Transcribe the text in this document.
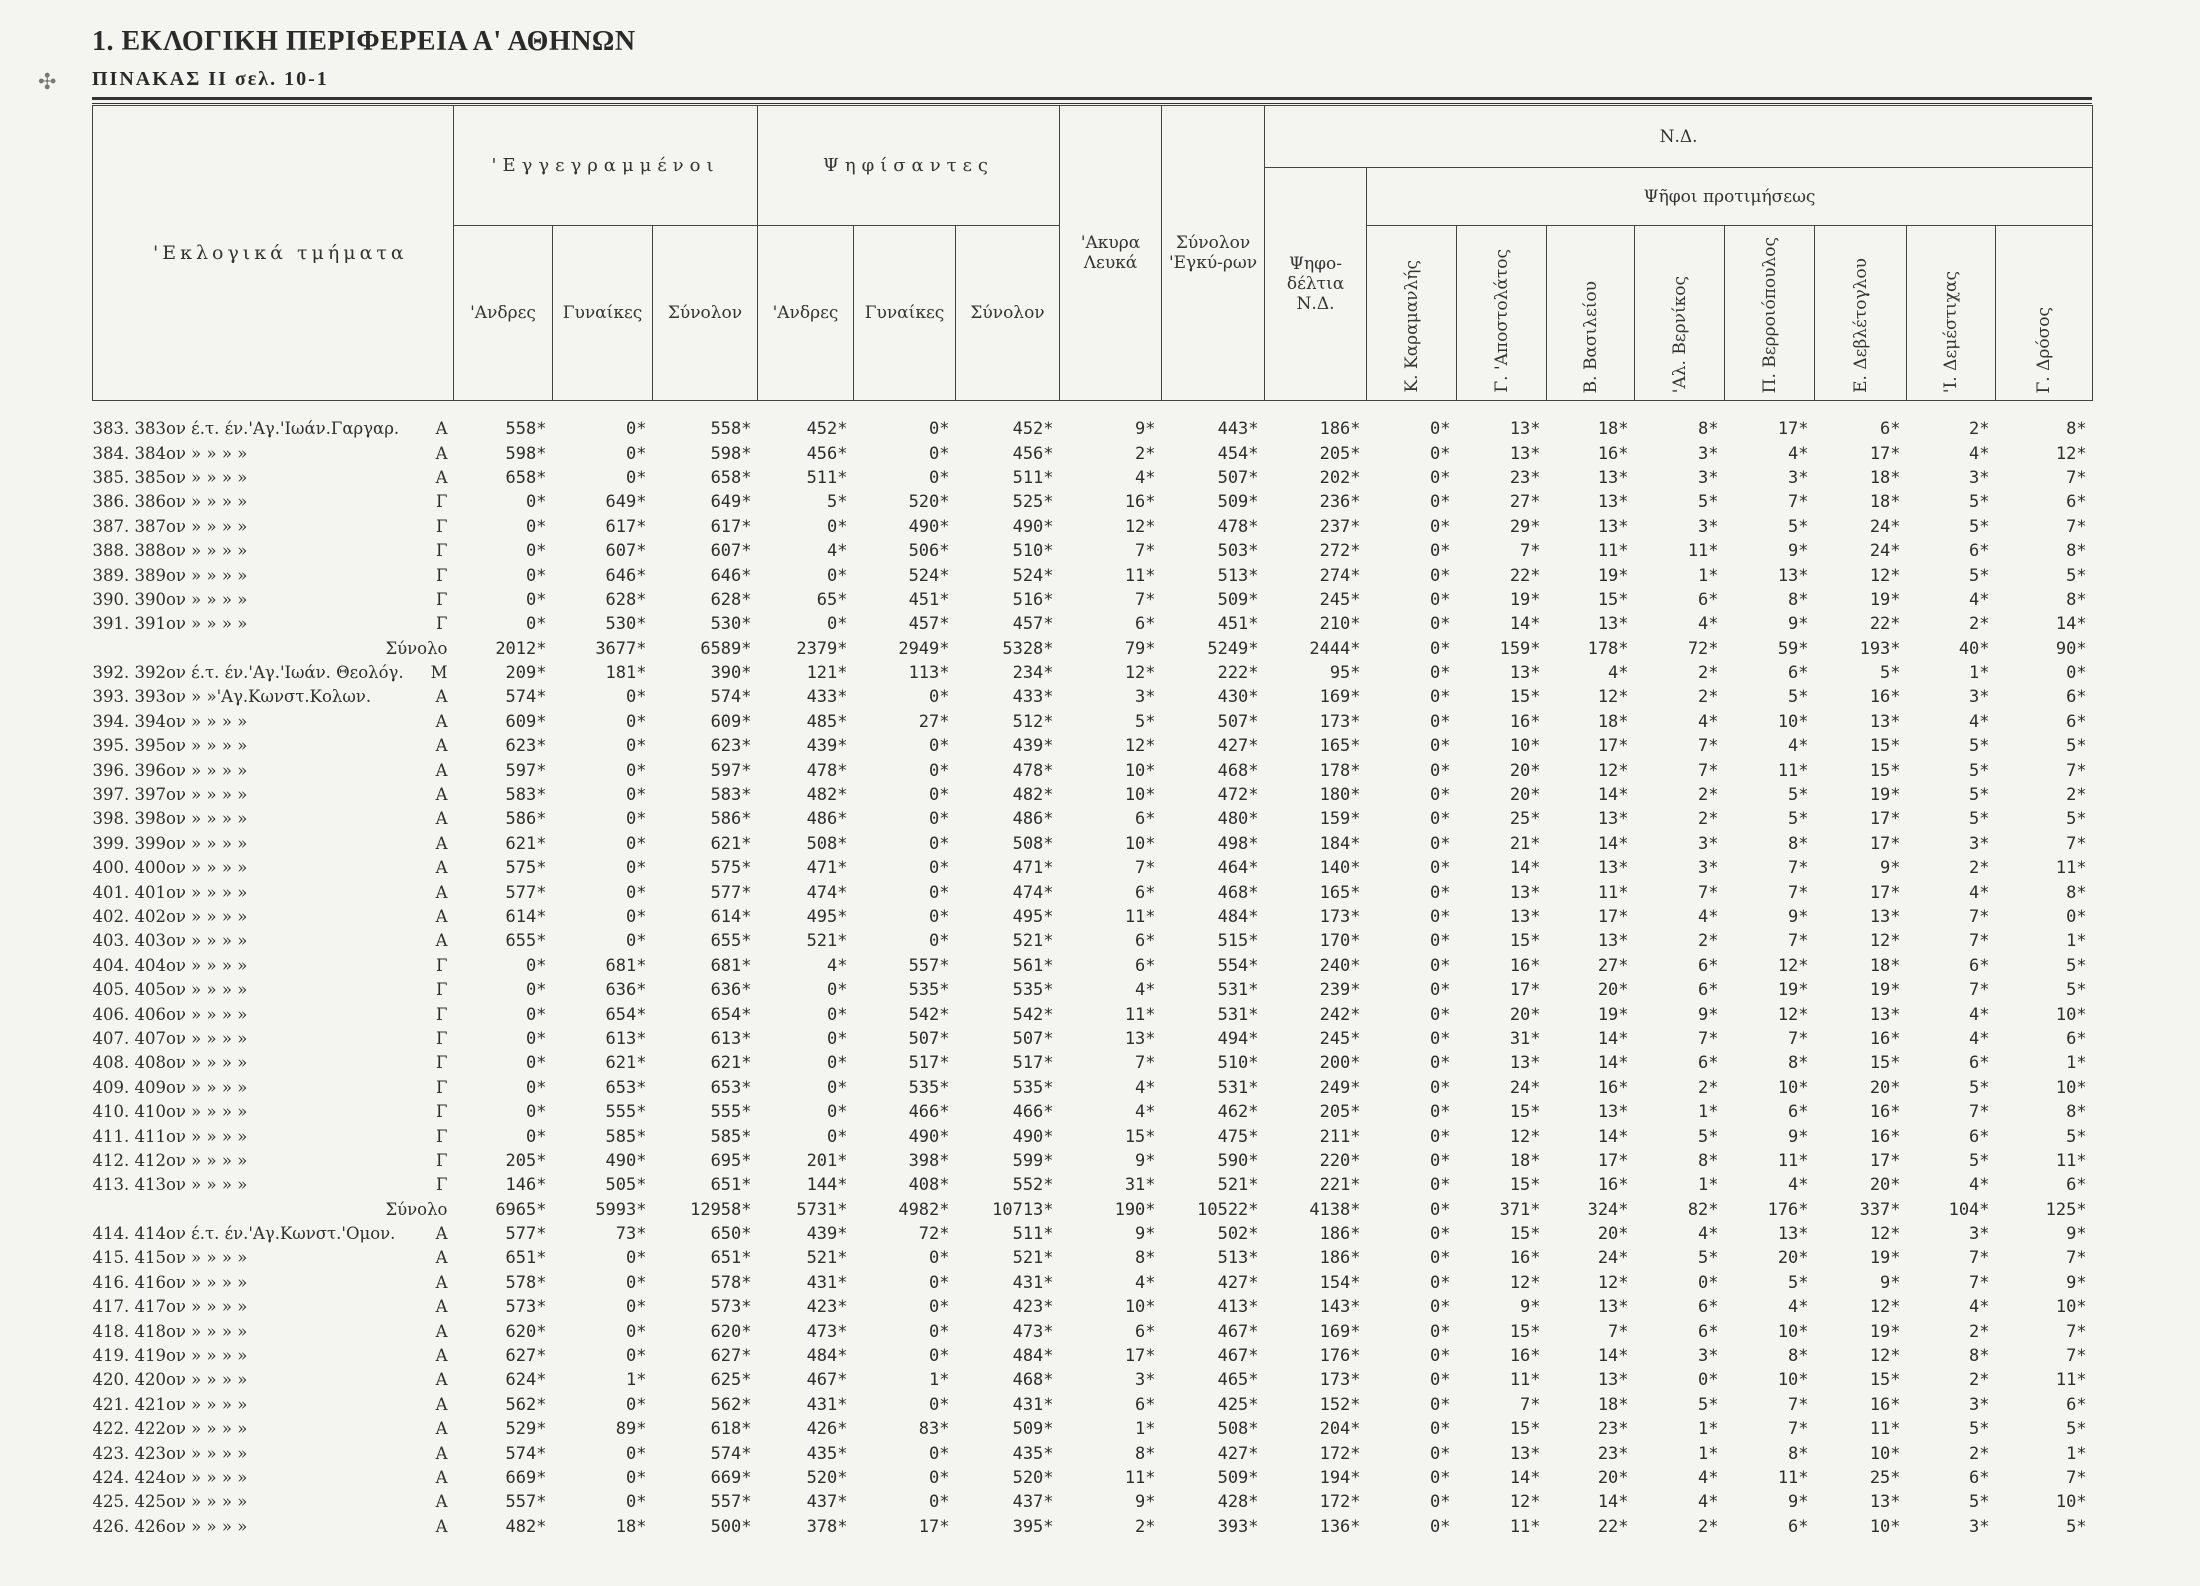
✣
1. ΕΚΛΟΓΙΚΗ ΠΕΡΙΦΕΡΕΙΑ Α' ΑΘΗΝΩΝ
ΠΙΝΑΚΑΣ II σελ. 10-1
'Εκλογικά τμήματα	'Εγγεγραμμένοι			Ψηφίσαντες			'Ακυρα Λευκά	Σύνολον 'Εγκύ-ρων	Ν.Δ.								
									Ψηφο-δέλτια Ν.Δ.	Ψῆφοι προτιμήσεως							
	'Ανδρες	Γυναίκες	Σύνολον	'Ανδρες	Γυναίκες	Σύνολον				Κ. Καραμανλής	Γ. 'Αποστολάτος	Β. Βασιλείου	'Αλ. Βερνίκος	Π. Βερροιόπουλος	Ε. Δεβλέτογλου	'Ι. Δεμέστιχας	Γ. Δρόσος

383. 383ον έ.τ. έν.'Αγ.'Ιωάν.Γαργαρ. Α	558*	0*	558*	452*	0*	452*	9*	443*	186*	0*	13*	18*	8*	17*	6*	2*	8*

384. 384ον » » » » Α	598*	0*	598*	456*	0*	456*	2*	454*	205*	0*	13*	16*	3*	4*	17*	4*	12*

385. 385ον » » » » Α	658*	0*	658*	511*	0*	511*	4*	507*	202*	0*	23*	13*	3*	3*	18*	3*	7*

386. 386ον » » » » Γ	0*	649*	649*	5*	520*	525*	16*	509*	236*	0*	27*	13*	5*	7*	18*	5*	6*

387. 387ον » » » » Γ	0*	617*	617*	0*	490*	490*	12*	478*	237*	0*	29*	13*	3*	5*	24*	5*	7*

388. 388ον » » » » Γ	0*	607*	607*	4*	506*	510*	7*	503*	272*	0*	7*	11*	11*	9*	24*	6*	8*

389. 389ον » » » » Γ	0*	646*	646*	0*	524*	524*	11*	513*	274*	0*	22*	19*	1*	13*	12*	5*	5*

390. 390ον » » » » Γ	0*	628*	628*	65*	451*	516*	7*	509*	245*	0*	19*	15*	6*	8*	19*	4*	8*

391. 391ον » » » » Γ	0*	530*	530*	0*	457*	457*	6*	451*	210*	0*	14*	13*	4*	9*	22*	2*	14*
Σύνολο	2012*	3677*	6589*	2379*	2949*	5328*	79*	5249*	2444*	0*	159*	178*	72*	59*	193*	40*	90*

392. 392ον έ.τ. έν.'Αγ.'Ιωάν. Θεολόγ. Μ	209*	181*	390*	121*	113*	234*	12*	222*	95*	0*	13*	4*	2*	6*	5*	1*	0*

393. 393ον » »'Αγ.Κωνστ.Κολων. Α	574*	0*	574*	433*	0*	433*	3*	430*	169*	0*	15*	12*	2*	5*	16*	3*	6*

394. 394ον » » » » Α	609*	0*	609*	485*	27*	512*	5*	507*	173*	0*	16*	18*	4*	10*	13*	4*	6*

395. 395ον » » » » Α	623*	0*	623*	439*	0*	439*	12*	427*	165*	0*	10*	17*	7*	4*	15*	5*	5*

396. 396ον » » » » Α	597*	0*	597*	478*	0*	478*	10*	468*	178*	0*	20*	12*	7*	11*	15*	5*	7*

397. 397ον » » » » Α	583*	0*	583*	482*	0*	482*	10*	472*	180*	0*	20*	14*	2*	5*	19*	5*	2*

398. 398ον » » » » Α	586*	0*	586*	486*	0*	486*	6*	480*	159*	0*	25*	13*	2*	5*	17*	5*	5*

399. 399ον » » » » Α	621*	0*	621*	508*	0*	508*	10*	498*	184*	0*	21*	14*	3*	8*	17*	3*	7*

400. 400ον » » » » Α	575*	0*	575*	471*	0*	471*	7*	464*	140*	0*	14*	13*	3*	7*	9*	2*	11*

401. 401ον » » » » Α	577*	0*	577*	474*	0*	474*	6*	468*	165*	0*	13*	11*	7*	7*	17*	4*	8*

402. 402ον » » » » Α	614*	0*	614*	495*	0*	495*	11*	484*	173*	0*	13*	17*	4*	9*	13*	7*	0*

403. 403ον » » » » Α	655*	0*	655*	521*	0*	521*	6*	515*	170*	0*	15*	13*	2*	7*	12*	7*	1*

404. 404ον » » » » Γ	0*	681*	681*	4*	557*	561*	6*	554*	240*	0*	16*	27*	6*	12*	18*	6*	5*

405. 405ον » » » » Γ	0*	636*	636*	0*	535*	535*	4*	531*	239*	0*	17*	20*	6*	19*	19*	7*	5*

406. 406ον » » » » Γ	0*	654*	654*	0*	542*	542*	11*	531*	242*	0*	20*	19*	9*	12*	13*	4*	10*

407. 407ον » » » » Γ	0*	613*	613*	0*	507*	507*	13*	494*	245*	0*	31*	14*	7*	7*	16*	4*	6*

408. 408ον » » » » Γ	0*	621*	621*	0*	517*	517*	7*	510*	200*	0*	13*	14*	6*	8*	15*	6*	1*

409. 409ον » » » » Γ	0*	653*	653*	0*	535*	535*	4*	531*	249*	0*	24*	16*	2*	10*	20*	5*	10*

410. 410ον » » » » Γ	0*	555*	555*	0*	466*	466*	4*	462*	205*	0*	15*	13*	1*	6*	16*	7*	8*

411. 411ον » » » » Γ	0*	585*	585*	0*	490*	490*	15*	475*	211*	0*	12*	14*	5*	9*	16*	6*	5*

412. 412ον » » » » Γ	205*	490*	695*	201*	398*	599*	9*	590*	220*	0*	18*	17*	8*	11*	17*	5*	11*

413. 413ον » » » » Γ	146*	505*	651*	144*	408*	552*	31*	521*	221*	0*	15*	16*	1*	4*	20*	4*	6*
Σύνολο	6965*	5993*	12958*	5731*	4982*	10713*	190*	10522*	4138*	0*	371*	324*	82*	176*	337*	104*	125*

414. 414ον έ.τ. έν.'Αγ.Κωνστ.'Ομον. Α	577*	73*	650*	439*	72*	511*	9*	502*	186*	0*	15*	20*	4*	13*	12*	3*	9*

415. 415ον » » » » Α	651*	0*	651*	521*	0*	521*	8*	513*	186*	0*	16*	24*	5*	20*	19*	7*	7*

416. 416ον » » » » Α	578*	0*	578*	431*	0*	431*	4*	427*	154*	0*	12*	12*	0*	5*	9*	7*	9*

417. 417ον » » » » Α	573*	0*	573*	423*	0*	423*	10*	413*	143*	0*	9*	13*	6*	4*	12*	4*	10*

418. 418ον » » » » Α	620*	0*	620*	473*	0*	473*	6*	467*	169*	0*	15*	7*	6*	10*	19*	2*	7*

419. 419ον » » » » Α	627*	0*	627*	484*	0*	484*	17*	467*	176*	0*	16*	14*	3*	8*	12*	8*	7*

420. 420ον » » » » Α	624*	1*	625*	467*	1*	468*	3*	465*	173*	0*	11*	13*	0*	10*	15*	2*	11*

421. 421ον » » » » Α	562*	0*	562*	431*	0*	431*	6*	425*	152*	0*	7*	18*	5*	7*	16*	3*	6*

422. 422ον » » » » Α	529*	89*	618*	426*	83*	509*	1*	508*	204*	0*	15*	23*	1*	7*	11*	5*	5*

423. 423ον » » » » Α	574*	0*	574*	435*	0*	435*	8*	427*	172*	0*	13*	23*	1*	8*	10*	2*	1*

424. 424ον » » » » Α	669*	0*	669*	520*	0*	520*	11*	509*	194*	0*	14*	20*	4*	11*	25*	6*	7*

425. 425ον » » » » Α	557*	0*	557*	437*	0*	437*	9*	428*	172*	0*	12*	14*	4*	9*	13*	5*	10*

426. 426ον » » » » Α	482*	18*	500*	378*	17*	395*	2*	393*	136*	0*	11*	22*	2*	6*	10*	3*	5*
